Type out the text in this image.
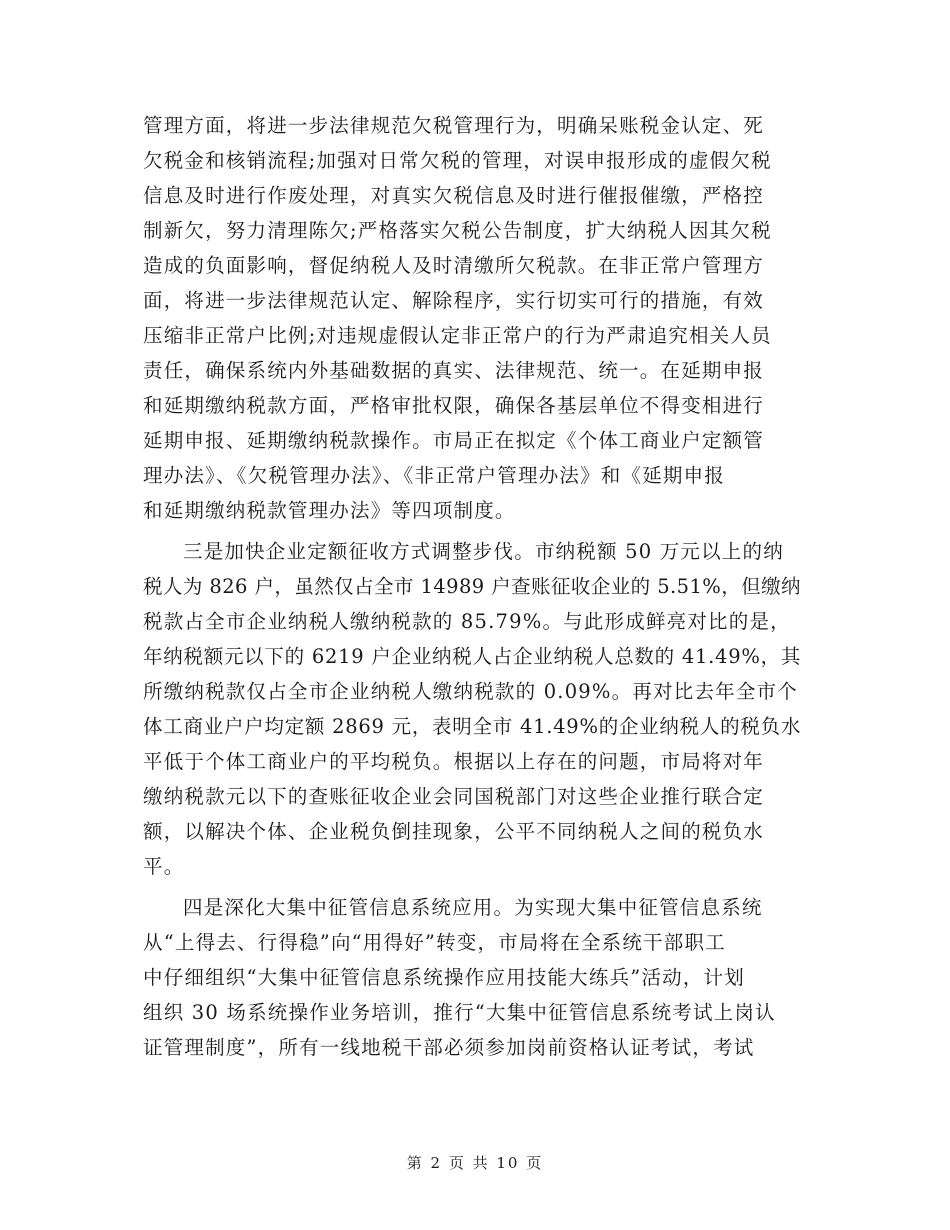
管理方面，将进一步法律规范欠税管理行为，明确呆账税金认定、死
欠税金和核销流程;加强对日常欠税的管理，对误申报形成的虚假欠税
信息及时进行作废处理，对真实欠税信息及时进行催报催缴，严格控
制新欠，努力清理陈欠;严格落实欠税公告制度，扩大纳税人因其欠税
造成的负面影响，督促纳税人及时清缴所欠税款。在非正常户管理方
面，将进一步法律规范认定、解除程序，实行切实可行的措施，有效
压缩非正常户比例;对违规虚假认定非正常户的行为严肃追究相关人员
责任，确保系统内外基础数据的真实、法律规范、统一。在延期申报
和延期缴纳税款方面，严格审批权限，确保各基层单位不得变相进行
延期申报、延期缴纳税款操作。市局正在拟定《个体工商业户定额管
理办法》、《欠税管理办法》、《非正常户管理办法》和《延期申报
和延期缴纳税款管理办法》等四项制度。

三是加快企业定额征收方式调整步伐。市纳税额 50 万元以上的纳
税人为 826 户，虽然仅占全市 14989 户查账征收企业的 5.51%，但缴纳
税款占全市企业纳税人缴纳税款的 85.79%。与此形成鲜亮对比的是，
年纳税额元以下的 6219 户企业纳税人占企业纳税人总数的 41.49%，其
所缴纳税款仅占全市企业纳税人缴纳税款的 0.09%。再对比去年全市个
体工商业户户均定额 2869 元，表明全市 41.49%的企业纳税人的税负水
平低于个体工商业户的平均税负。根据以上存在的问题，市局将对年
缴纳税款元以下的查账征收企业会同国税部门对这些企业推行联合定
额，以解决个体、企业税负倒挂现象，公平不同纳税人之间的税负水
平。

四是深化大集中征管信息系统应用。为实现大集中征管信息系统
从“上得去、行得稳”向“用得好”转变，市局将在全系统干部职工
中仔细组织“大集中征管信息系统操作应用技能大练兵”活动，计划
组织 30 场系统操作业务培训，推行“大集中征管信息系统考试上岗认
证管理制度”，所有一线地税干部必须参加岗前资格认证考试，考试

第 2 页 共 10 页
